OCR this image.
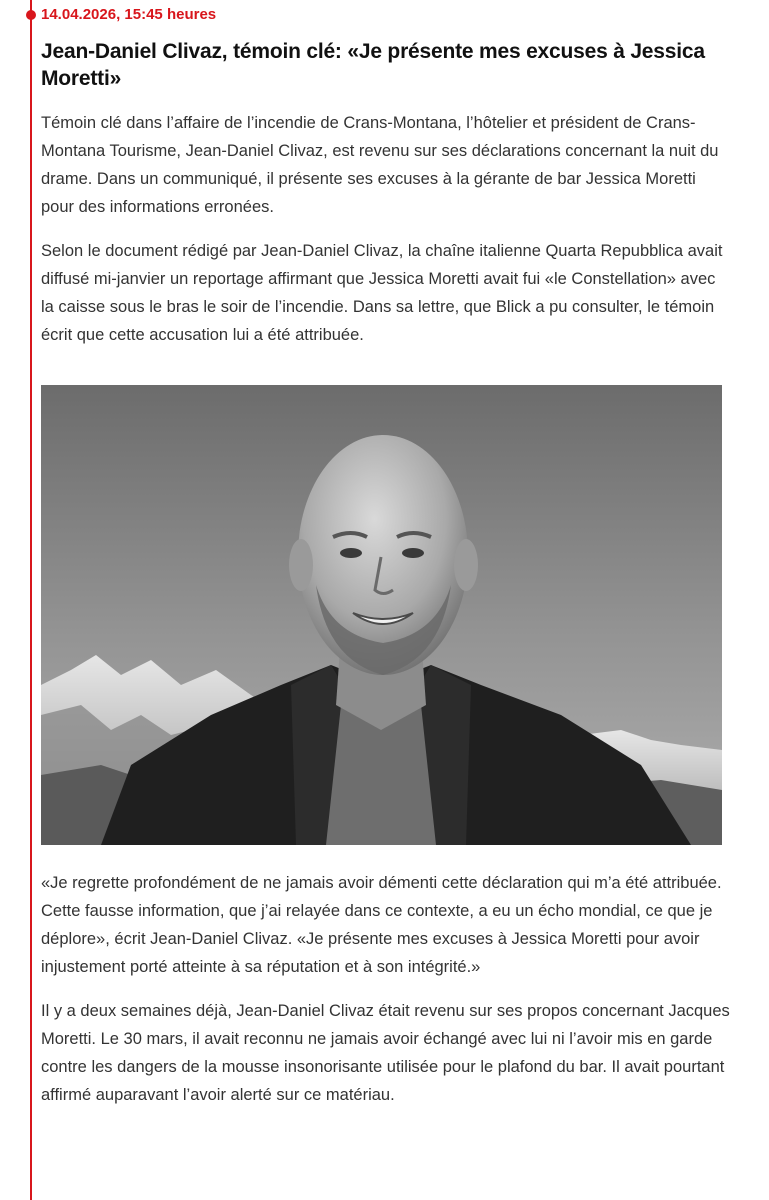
14.04.2026, 15:45 heures
Jean-Daniel Clivaz, témoin clé: «Je présente mes excuses à Jessica Moretti»

Témoin clé dans l’affaire de l’incendie de Crans-Montana, l’hôtelier et président de Crans-Montana Tourisme, Jean-Daniel Clivaz, est revenu sur ses déclarations concernant la nuit du drame. Dans un communiqué, il présente ses excuses à la gérante de bar Jessica Moretti pour des informations erronées.

Selon le document rédigé par Jean-Daniel Clivaz, la chaîne italienne Quarta Repubblica avait diffusé mi-janvier un reportage affirmant que Jessica Moretti avait fui «le Constellation» avec la caisse sous le bras le soir de l’incendie. Dans sa lettre, que Blick a pu consulter, le témoin écrit que cette accusation lui a été attribuée.

«Je regrette profondément de ne jamais avoir démenti cette déclaration qui m’a été attribuée. Cette fausse information, que j’ai relayée dans ce contexte, a eu un écho mondial, ce que je déplore», écrit Jean-Daniel Clivaz. «Je présente mes excuses à Jessica Moretti pour avoir injustement porté atteinte à sa réputation et à son intégrité.»

Il y a deux semaines déjà, Jean-Daniel Clivaz était revenu sur ses propos concernant Jacques Moretti. Le 30 mars, il avait reconnu ne jamais avoir échangé avec lui ni l’avoir mis en garde contre les dangers de la mousse insonorisante utilisée pour le plafond du bar. Il avait pourtant affirmé auparavant l’avoir alerté sur ce matériau.
